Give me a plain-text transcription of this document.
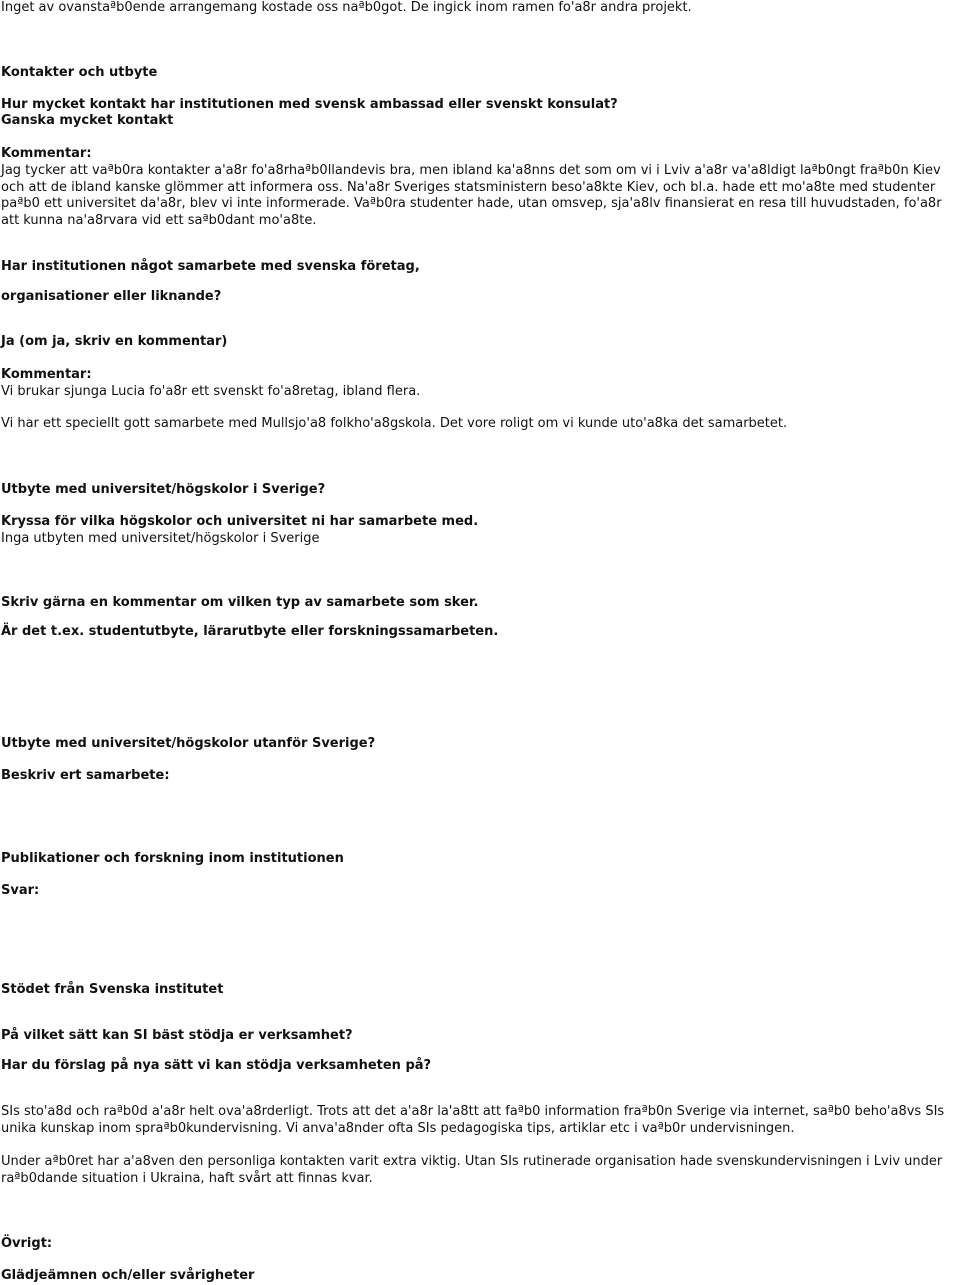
Inget av ovanstaªb0ende arrangemang kostade oss naªb0got. De ingick inom ramen fo'a8r andra projekt.

Kontakter och utbyte

Hur mycket kontakt har institutionen med svensk ambassad eller svenskt konsulat?

Ganska mycket kontakt

Kommentar:

Jag tycker att vaªb0ra kontakter a'a8r fo'a8rhaªb0llandevis bra, men ibland ka'a8nns det som om vi i Lviv a'a8r va'a8ldigt laªb0ngt fraªb0n Kiev och att de ibland kanske glömmer att informera oss. Na'a8r Sveriges statsministern beso'a8kte Kiev, och bl.a. hade ett mo'a8te med studenter paªb0 ett universitet da'a8r, blev vi inte informerade. Vaªb0ra studenter hade, utan omsvep, sja'a8lv finansierat en resa till huvudstaden, fo'a8r att kunna na'a8rvara vid ett saªb0dant mo'a8te.

Har institutionen något samarbete med svenska företag,

organisationer eller liknande?

Ja (om ja, skriv en kommentar)

Kommentar:

Vi brukar sjunga Lucia fo'a8r ett svenskt fo'a8retag, ibland flera.

Vi har ett speciellt gott samarbete med Mullsjo'a8 folkho'a8gskola. Det vore roligt om vi kunde uto'a8ka det samarbetet.

Utbyte med universitet/högskolor i Sverige?

Kryssa för vilka högskolor och universitet ni har samarbete med.

Inga utbyten med universitet/högskolor i Sverige

Skriv gärna en kommentar om vilken typ av samarbete som sker.

Är det t.ex. studentutbyte, lärarutbyte eller forskningssamarbeten.

Utbyte med universitet/högskolor utanför Sverige?

Beskriv ert samarbete:

Publikationer och forskning inom institutionen

Svar:

Stödet från Svenska institutet

På vilket sätt kan SI bäst stödja er verksamhet?

Har du förslag på nya sätt vi kan stödja verksamheten på?

SIs sto'a8d och raªb0d a'a8r helt ova'a8rderligt. Trots att det a'a8r la'a8tt att faªb0 information fraªb0n Sverige via internet, saªb0 beho'a8vs SIs unika kunskap inom spraªb0kundervisning. Vi anva'a8nder ofta SIs pedagogiska tips, artiklar etc i vaªb0r undervisningen.

Under aªb0ret har a'a8ven den personliga kontakten varit extra viktig. Utan SIs rutinerade organisation hade svenskundervisningen i Lviv under raªb0dande situation i Ukraina, haft svårt att finnas kvar.

Övrigt:

Glädjeämnen och/eller svårigheter
